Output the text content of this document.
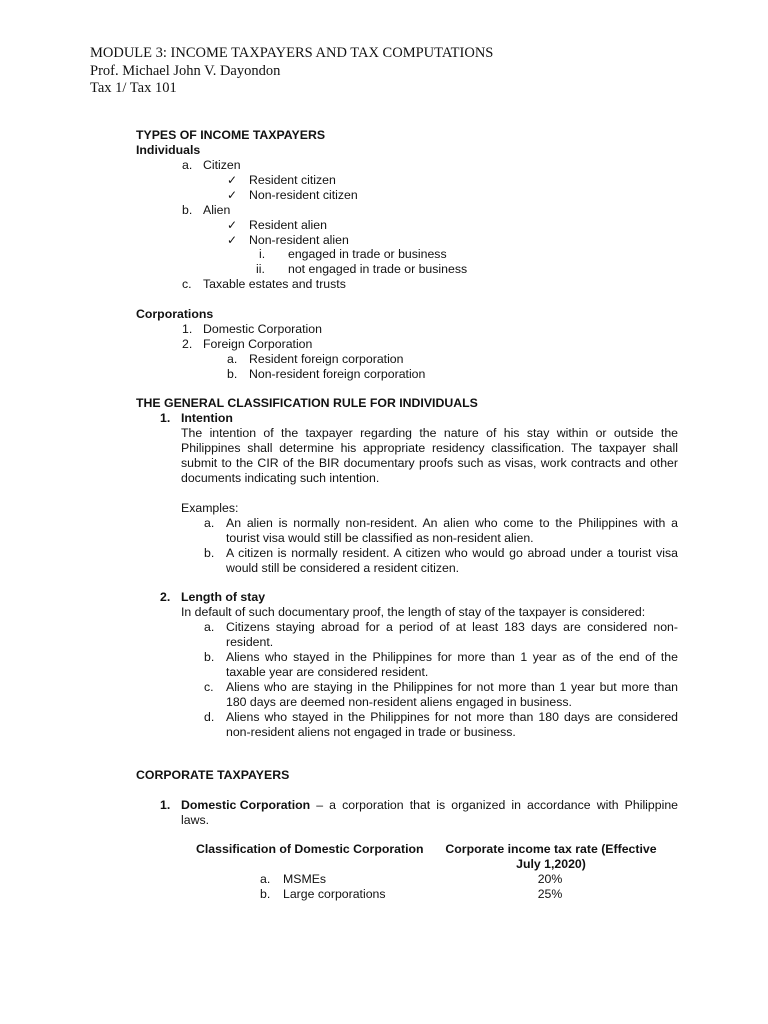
MODULE 3: INCOME TAXPAYERS AND TAX COMPUTATIONS
Prof. Michael John V. Dayondon
Tax 1/ Tax 101
TYPES OF INCOME TAXPAYERS
Individuals
a. Citizen
✓ Resident citizen
✓ Non-resident citizen
b. Alien
✓ Resident alien
✓ Non-resident alien
i. engaged in trade or business
ii. not engaged in trade or business
c. Taxable estates and trusts
Corporations
1. Domestic Corporation
2. Foreign Corporation
a. Resident foreign corporation
b. Non-resident foreign corporation
THE GENERAL CLASSIFICATION RULE FOR INDIVIDUALS
1. Intention
The intention of the taxpayer regarding the nature of his stay within or outside the
Philippines shall determine his appropriate residency classification. The taxpayer shall
submit to the CIR of the BIR documentary proofs such as visas, work contracts and other
documents indicating such intention.
Examples:
a. An alien is normally non-resident. An alien who come to the Philippines with a
tourist visa would still be classified as non-resident alien.
b. A citizen is normally resident. A citizen who would go abroad under a tourist visa
would still be considered a resident citizen.
2. Length of stay
In default of such documentary proof, the length of stay of the taxpayer is considered:
a. Citizens staying abroad for a period of at least 183 days are considered non-
resident.
b. Aliens who stayed in the Philippines for more than 1 year as of the end of the
taxable year are considered resident.
c. Aliens who are staying in the Philippines for not more than 1 year but more than
180 days are deemed non-resident aliens engaged in business.
d. Aliens who stayed in the Philippines for not more than 180 days are considered
non-resident aliens not engaged in trade or business.
CORPORATE TAXPAYERS
1. Domestic Corporation – a corporation that is organized in accordance with Philippine
laws.
Classification of Domestic Corporation	Corporate income tax rate (Effective
July 1,2020)
a. MSMEs	20%
b. Large corporations	25%
